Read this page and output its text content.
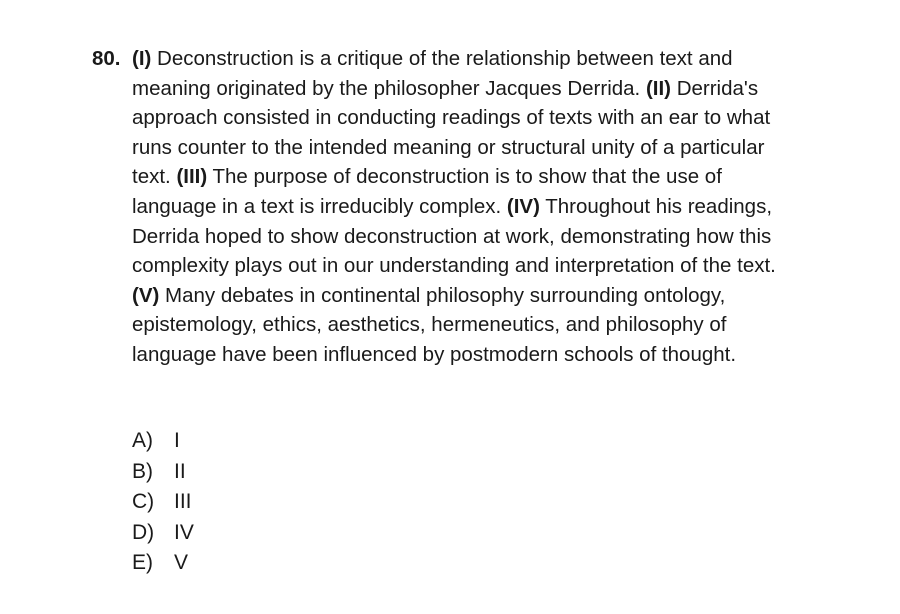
80. (I) Deconstruction is a critique of the relationship between text and meaning originated by the philosopher Jacques Derrida. (II) Derrida's approach consisted in conducting readings of texts with an ear to what runs counter to the intended meaning or structural unity of a particular text. (III) The purpose of deconstruction is to show that the use of language in a text is irreducibly complex. (IV) Throughout his readings, Derrida hoped to show deconstruction at work, demonstrating how this complexity plays out in our understanding and interpretation of the text. (V) Many debates in continental philosophy surrounding ontology, epistemology, ethics, aesthetics, hermeneutics, and philosophy of language have been influenced by postmodern schools of thought.
A)	I
B)	II
C) III
D) IV
E)	V
